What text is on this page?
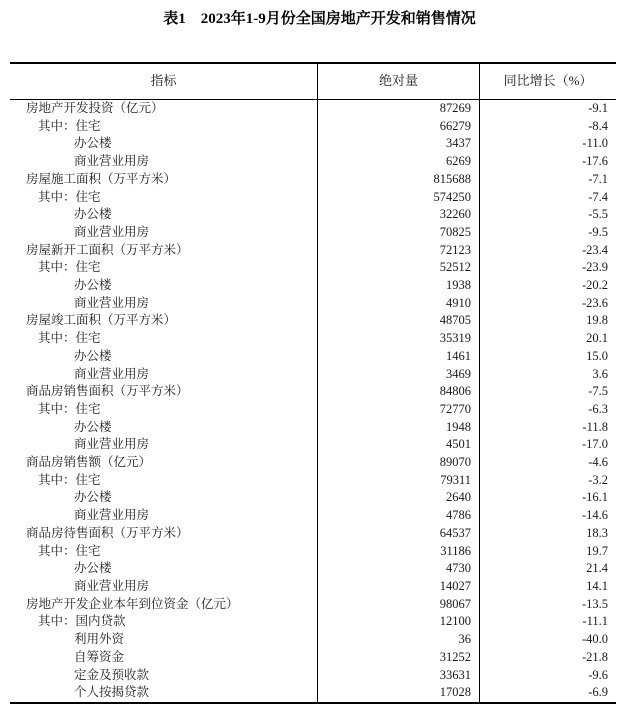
表1　2023年1-9月份全国房地产开发和销售情况
指标	绝对量	同比增长（%）
房地产开发投资（亿元）	87269	-9.1
其中：住宅	66279	-8.4
办公楼	3437	-11.0
商业营业用房	6269	-17.6
房屋施工面积（万平方米）	815688	-7.1
其中：住宅	574250	-7.4
办公楼	32260	-5.5
商业营业用房	70825	-9.5
房屋新开工面积（万平方米）	72123	-23.4
其中：住宅	52512	-23.9
办公楼	1938	-20.2
商业营业用房	4910	-23.6
房屋竣工面积（万平方米）	48705	19.8
其中：住宅	35319	20.1
办公楼	1461	15.0
商业营业用房	3469	3.6
商品房销售面积（万平方米）	84806	-7.5
其中：住宅	72770	-6.3
办公楼	1948	-11.8
商业营业用房	4501	-17.0
商品房销售额（亿元）	89070	-4.6
其中：住宅	79311	-3.2
办公楼	2640	-16.1
商业营业用房	4786	-14.6
商品房待售面积（万平方米）	64537	18.3
其中：住宅	31186	19.7
办公楼	4730	21.4
商业营业用房	14027	14.1
房地产开发企业本年到位资金（亿元）	98067	-13.5
其中：国内贷款	12100	-11.1
利用外资	36	-40.0
自筹资金	31252	-21.8
定金及预收款	33631	-9.6
个人按揭贷款	17028	-6.9
